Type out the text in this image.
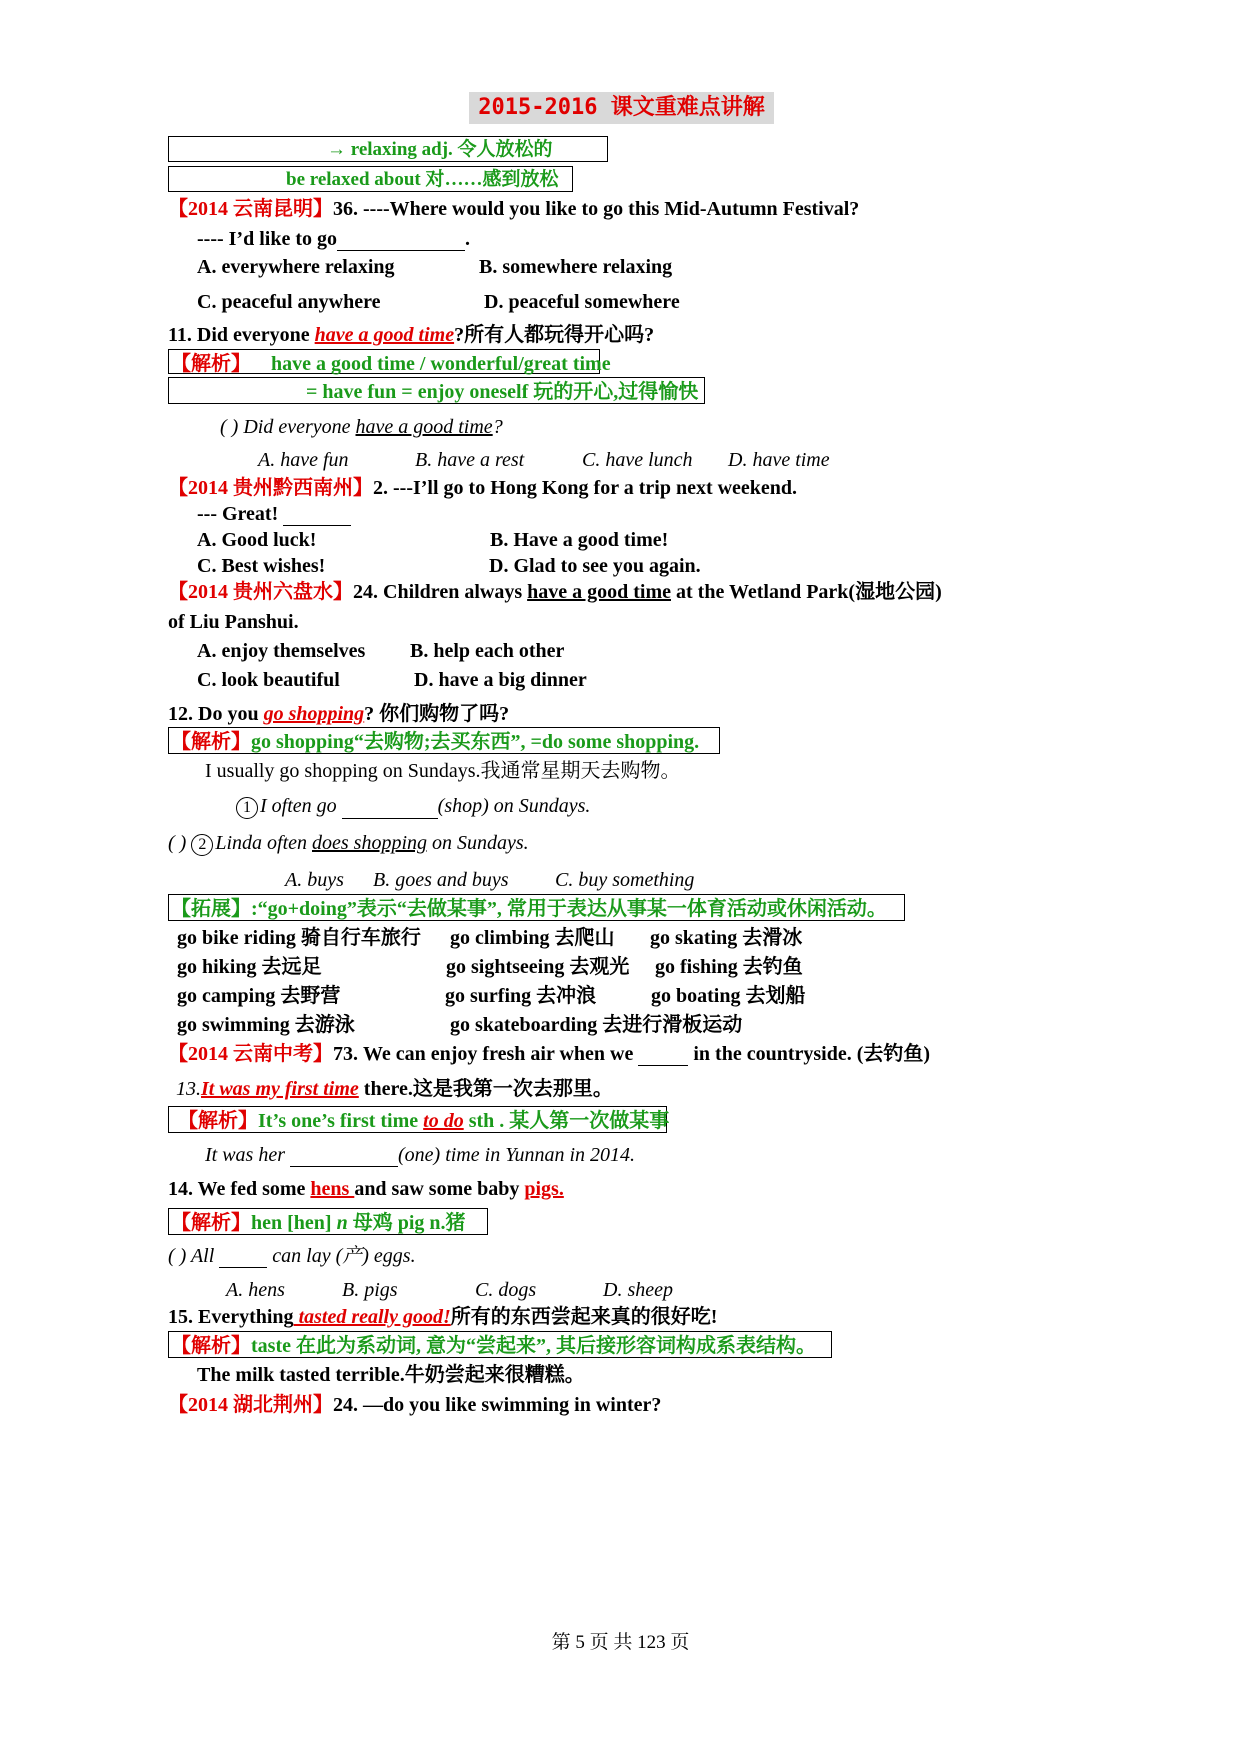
2015-2016 课文重难点讲解
→ relaxing adj. 令人放松的
be relaxed about 对……感到放松
【2014 云南昆明】36. ----Where would you like to go this Mid-Autumn Festival?
---- I’d like to go	.
A. everywhere relaxing	B. somewhere relaxing
C. peaceful anywhere	D. peaceful somewhere
11. Did everyone have a good time?所有人都玩得开心吗?
【解析】 have a good time / wonderful/great time
= have fun = enjoy oneself 玩的开心,过得愉快
( ) Did everyone have a good time?
A. have fun	B. have a rest	C. have lunch D. have time
【2014 贵州黔西南州】2. ---I’ll go to Hong Kong for a trip next weekend.
--- Great!
A. Good luck!	B. Have a good time!
C. Best wishes!	D. Glad to see you again.
【2014 贵州六盘水】24. Children always have a good time at the Wetland Park(湿地公园)
of Liu Panshui.
A. enjoy themselves B. help each other
C. look beautiful	D. have a big dinner
12. Do you go shopping? 你们购物了吗?
【解析】go shopping“去购物;去买东西”, =do some shopping.
I usually go shopping on Sundays.我通常星期天去购物。
1 I often go	(shop) on Sundays.
( ) 2 Linda often does shopping on Sundays.
A. buys B. goes and buys C. buy something
【拓展】:“go+doing”表示“去做某事”, 常用于表达从事某一体育活动或休闲活动。
go bike riding 骑自行车旅行 go climbing 去爬山 go skating 去滑冰
go hiking 去远足	go sightseeing 去观光 go fishing 去钓鱼
go camping 去野营	go surfing 去冲浪	go boating 去划船
go swimming 去游泳	go skateboarding 去进行滑板运动
【2014 云南中考】73. We can enjoy fresh air when we	in the countryside. (去钓鱼)
13.It was my first time there.这是我第一次去那里。
【解析】It’s one’s first time to do sth . 某人第一次做某事
It was her	(one) time in Yunnan in 2014.
14. We fed some hens and saw some baby pigs.
【解析】hen [hen] n 母鸡 pig n.猪
( ) All  can lay (产) eggs.
A. hens	B. pigs	C. dogs	D. sheep
15. Everything tasted really good!所有的东西尝起来真的很好吃!
【解析】taste 在此为系动词, 意为“尝起来”, 其后接形容词构成系表结构。
The milk tasted terrible.牛奶尝起来很糟糕。
【2014 湖北荆州】24. —do you like swimming in winter?
第 5 页 共 123 页
